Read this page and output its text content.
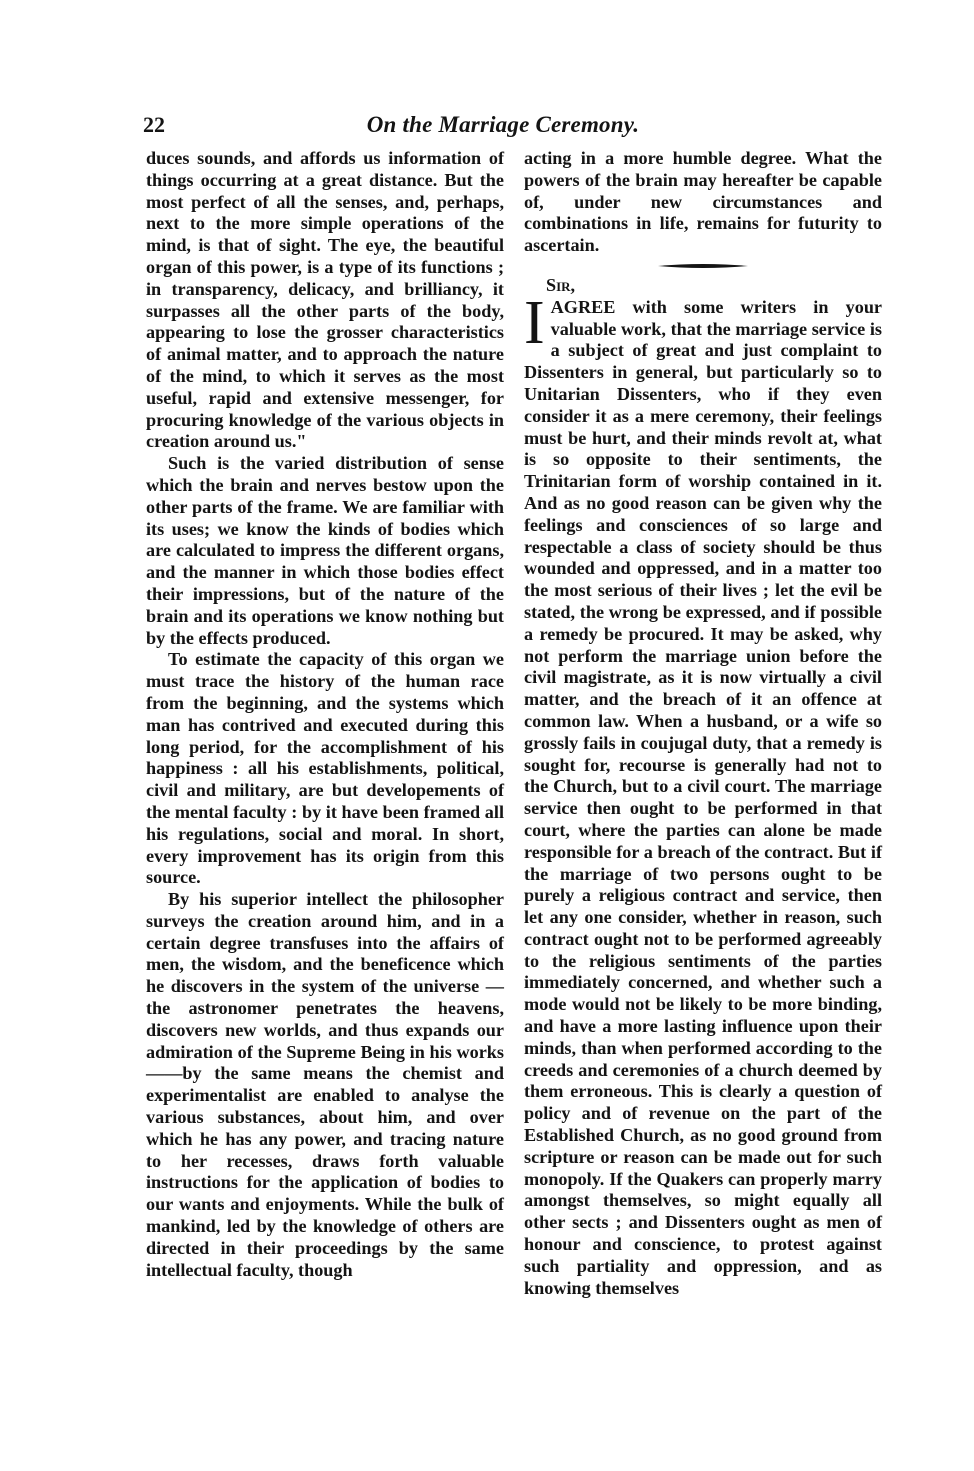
22	On the Marriage Ceremony.

duces sounds, and affords us information of things occurring at a great distance. But the most perfect of all the senses, and, perhaps, next to the more simple operations of the mind, is that of sight. The eye, the beautiful organ of this power, is a type of its functions ; in transparency, delicacy, and brilliancy, it surpasses all the other parts of the body, appearing to lose the grosser characteristics of animal matter, and to approach the nature of the mind, to which it serves as the most useful, rapid and extensive messenger, for procuring knowledge of the various objects in creation around us."

Such is the varied distribution of sense which the brain and nerves bestow upon the other parts of the frame. We are familiar with its uses; we know the kinds of bodies which are calculated to impress the different organs, and the manner in which those bodies effect their impressions, but of the nature of the brain and its operations we know nothing but by the effects produced.

To estimate the capacity of this organ we must trace the history of the human race from the beginning, and the systems which man has contrived and executed during this long period, for the accomplishment of his happiness : all his establishments, political, civil and military, are but developements of the mental faculty : by it have been framed all his regulations, social and moral. In short, every improvement has its origin from this source.

By his superior intellect the philosopher surveys the creation around him, and in a certain degree transfuses into the affairs of men, the wisdom, and the beneficence which he discovers in the system of the universe —the astronomer penetrates the heavens, discovers new worlds, and thus expands our admiration of the Supreme Being in his works——by the same means the chemist and experimentalist are enabled to analyse the various substances, about him, and over which he has any power, and tracing nature to her recesses, draws forth valuable instructions for the application of bodies to our wants and enjoyments. While the bulk of mankind, led by the knowledge of others are directed in their proceedings by the same intellectual faculty, though

acting in a more humble degree. What the powers of the brain may hereafter be capable of, under new circumstances and combinations in life, remains for futurity to ascertain.

Sir,

IAGREE with some writers in your valuable work, that the marriage service is a subject of great and just complaint to Dissenters in general, but particularly so to Unitarian Dissenters, who if they even consider it as a mere ceremony, their feelings must be hurt, and their minds revolt at, what is so opposite to their sentiments, the Trinitarian form of worship contained in it. And as no good reason can be given why the feelings and consciences of so large and respectable a class of society should be thus wounded and oppressed, and in a matter too the most serious of their lives ; let the evil be stated, the wrong be expressed, and if possible a remedy be procured. It may be asked, why not perform the marriage union before the civil magistrate, as it is now virtually a civil matter, and the breach of it an offence at common law. When a husband, or a wife so grossly fails in coujugal duty, that a remedy is sought for, recourse is generally had not to the Church, but to a civil court. The marriage service then ought to be performed in that court, where the parties can alone be made responsible for a breach of the contract. But if the marriage of two persons ought to be purely a religious contract and service, then let any one consider, whether in reason, such contract ought not to be performed agreeably to the religious sentiments of the parties immediately concerned, and whether such a mode would not be likely to be more binding, and have a more lasting influence upon their minds, than when performed according to the creeds and ceremonies of a church deemed by them erroneous. This is clearly a question of policy and of revenue on the part of the Established Church, as no good ground from scripture or reason can be made out for such monopoly. If the Quakers can properly marry amongst themselves, so might equally all other sects ; and Dissenters ought as men of honour and conscience, to protest against such partiality and oppression, and as knowing themselves
